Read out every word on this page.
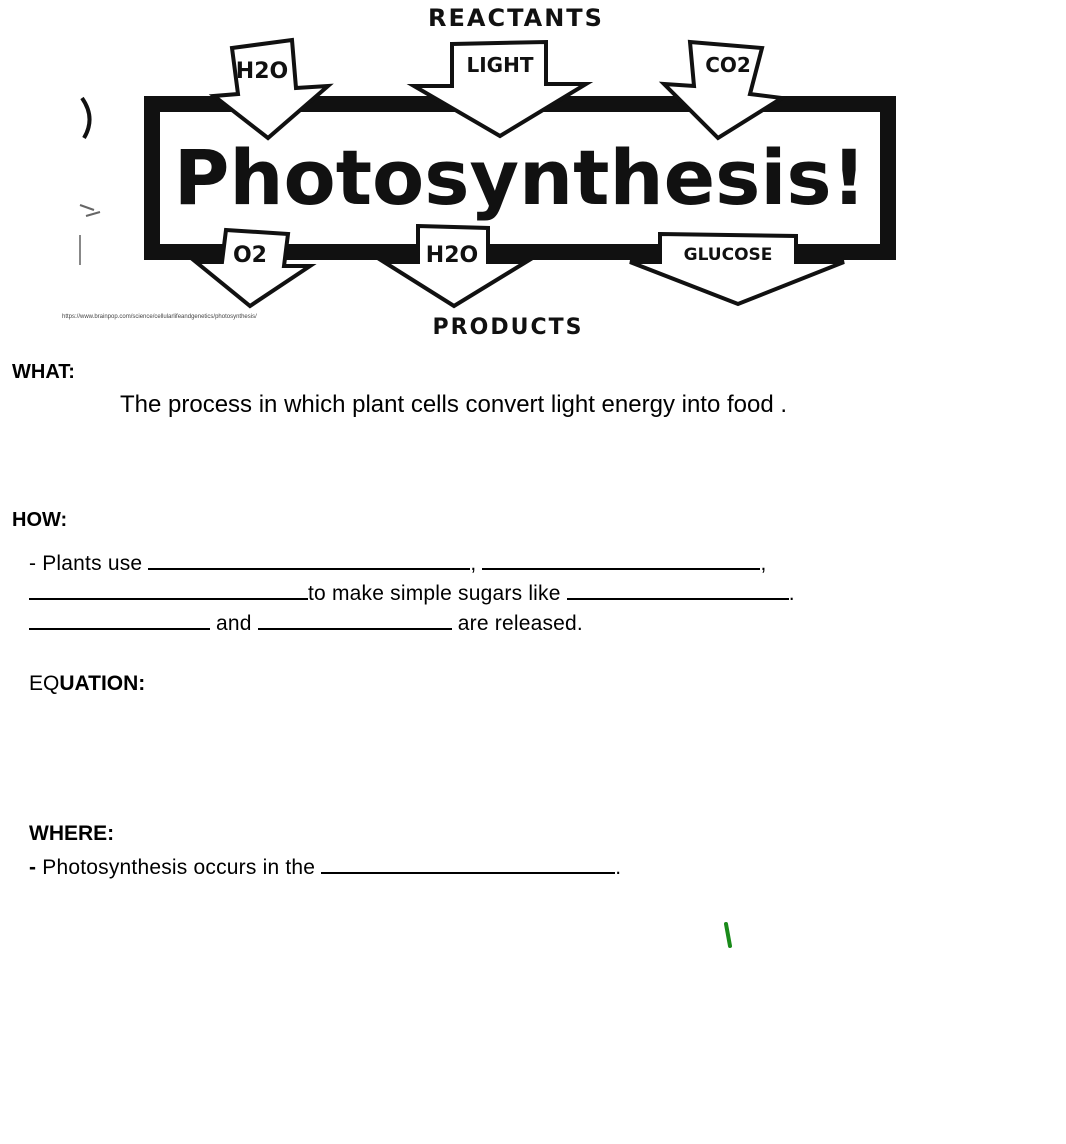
REACTANTS
H2O	LIGHT	CO2
Photosynthesis!
O2	H2O	GLUCOSE
PRODUCTS
https://www.brainpop.com/science/cellularlifeandgenetics/photosynthesis/
WHAT:
The process in which plant cells convert light energy into food .
HOW:
- Plants use	,	,
to make simple sugars like	.
and	are released.
EQUATION:
WHERE:
- Photosynthesis occurs in the	.
